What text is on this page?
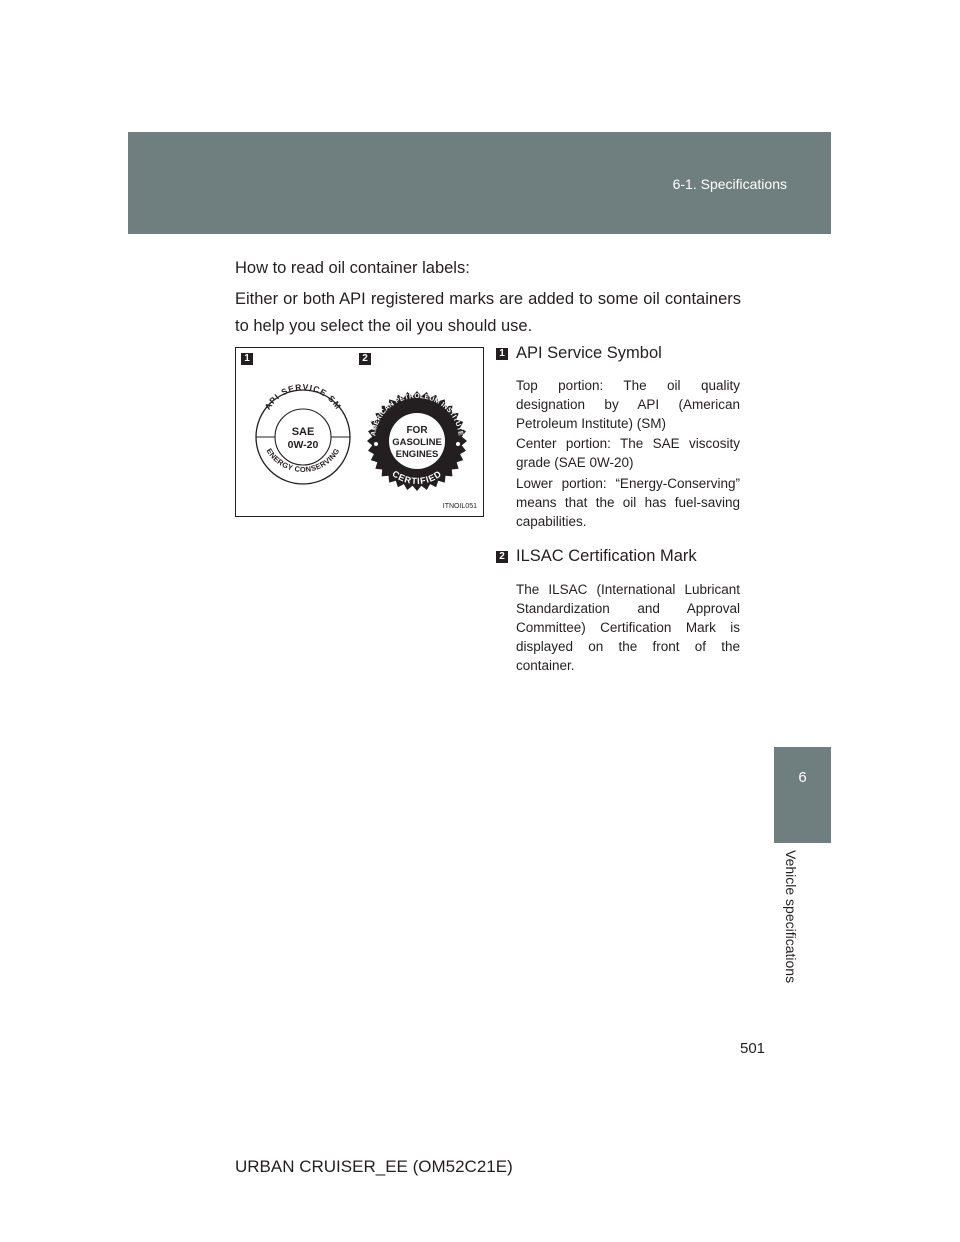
6-1. Specifications
6
Vehicle specifications

How to read oil container labels:

Either or both API registered marks are added to some oil containers to help you select the oil you should use.

1	2
API SERVICE SM
ENERGY CONSERVING
SAE
0W-20
AMERICAN PETROLEUM INSTITUTE
CERTIFIED
FOR
GASOLINE
ENGINES
ITNOIL051
1 API Service Symbol

Top portion: The oil quality designation by API (American Petroleum Institute) (SM)

Center portion: The SAE viscosity grade (SAE 0W-20)

Lower portion: “Energy-Conserving” means that the oil has fuel-saving capabilities.

2 ILSAC Certification Mark

The ILSAC (International Lubricant Standardization and Approval Committee) Certification Mark is displayed on the front of the container.

501
URBAN CRUISER_EE (OM52C21E)
